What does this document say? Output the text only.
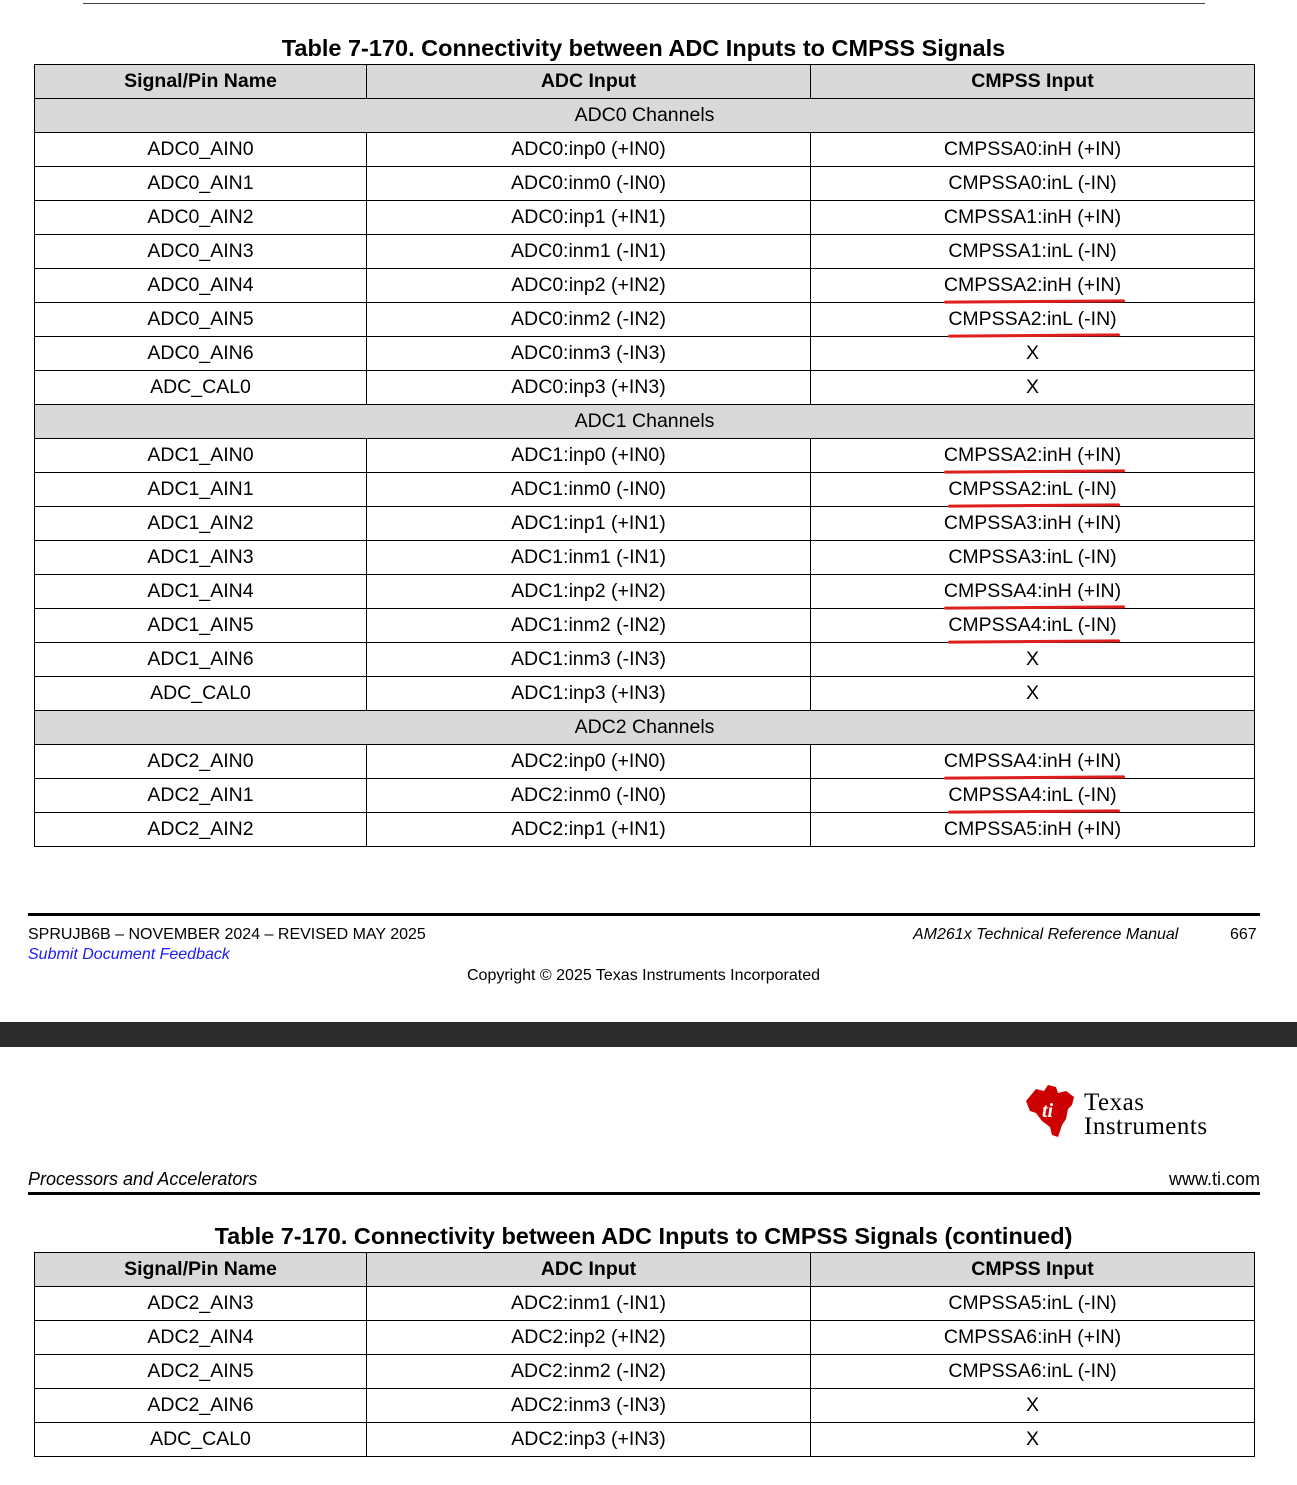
Table 7-170. Connectivity between ADC Inputs to CMPSS Signals
Signal/Pin Name	ADC Input	CMPSS Input
ADC0 Channels		
ADC0_AIN0	ADC0:inp0 (+IN0)	CMPSSA0:inH (+IN)
ADC0_AIN1	ADC0:inm0 (-IN0)	CMPSSA0:inL (-IN)
ADC0_AIN2	ADC0:inp1 (+IN1)	CMPSSA1:inH (+IN)
ADC0_AIN3	ADC0:inm1 (-IN1)	CMPSSA1:inL (-IN)
ADC0_AIN4	ADC0:inp2 (+IN2)	CMPSSA2:inH (+IN)
ADC0_AIN5	ADC0:inm2 (-IN2)	CMPSSA2:inL (-IN)
ADC0_AIN6	ADC0:inm3 (-IN3)	X
ADC_CAL0	ADC0:inp3 (+IN3)	X
ADC1 Channels		
ADC1_AIN0	ADC1:inp0 (+IN0)	CMPSSA2:inH (+IN)
ADC1_AIN1	ADC1:inm0 (-IN0)	CMPSSA2:inL (-IN)
ADC1_AIN2	ADC1:inp1 (+IN1)	CMPSSA3:inH (+IN)
ADC1_AIN3	ADC1:inm1 (-IN1)	CMPSSA3:inL (-IN)
ADC1_AIN4	ADC1:inp2 (+IN2)	CMPSSA4:inH (+IN)
ADC1_AIN5	ADC1:inm2 (-IN2)	CMPSSA4:inL (-IN)
ADC1_AIN6	ADC1:inm3 (-IN3)	X
ADC_CAL0	ADC1:inp3 (+IN3)	X
ADC2 Channels		
ADC2_AIN0	ADC2:inp0 (+IN0)	CMPSSA4:inH (+IN)
ADC2_AIN1	ADC2:inm0 (-IN0)	CMPSSA4:inL (-IN)
ADC2_AIN2	ADC2:inp1 (+IN1)	CMPSSA5:inH (+IN)
SPRUJB6B – NOVEMBER 2024 – REVISED MAY 2025
Submit Document Feedback
AM261x Technical Reference Manual	667
Copyright © 2025 Texas Instruments Incorporated
ti Texas
Instruments
Processors and Accelerators	www.ti.com
Table 7-170. Connectivity between ADC Inputs to CMPSS Signals (continued)
Signal/Pin Name	ADC Input	CMPSS Input
ADC2_AIN3	ADC2:inm1 (-IN1)	CMPSSA5:inL (-IN)
ADC2_AIN4	ADC2:inp2 (+IN2)	CMPSSA6:inH (+IN)
ADC2_AIN5	ADC2:inm2 (-IN2)	CMPSSA6:inL (-IN)
ADC2_AIN6	ADC2:inm3 (-IN3)	X
ADC_CAL0	ADC2:inp3 (+IN3)	X
